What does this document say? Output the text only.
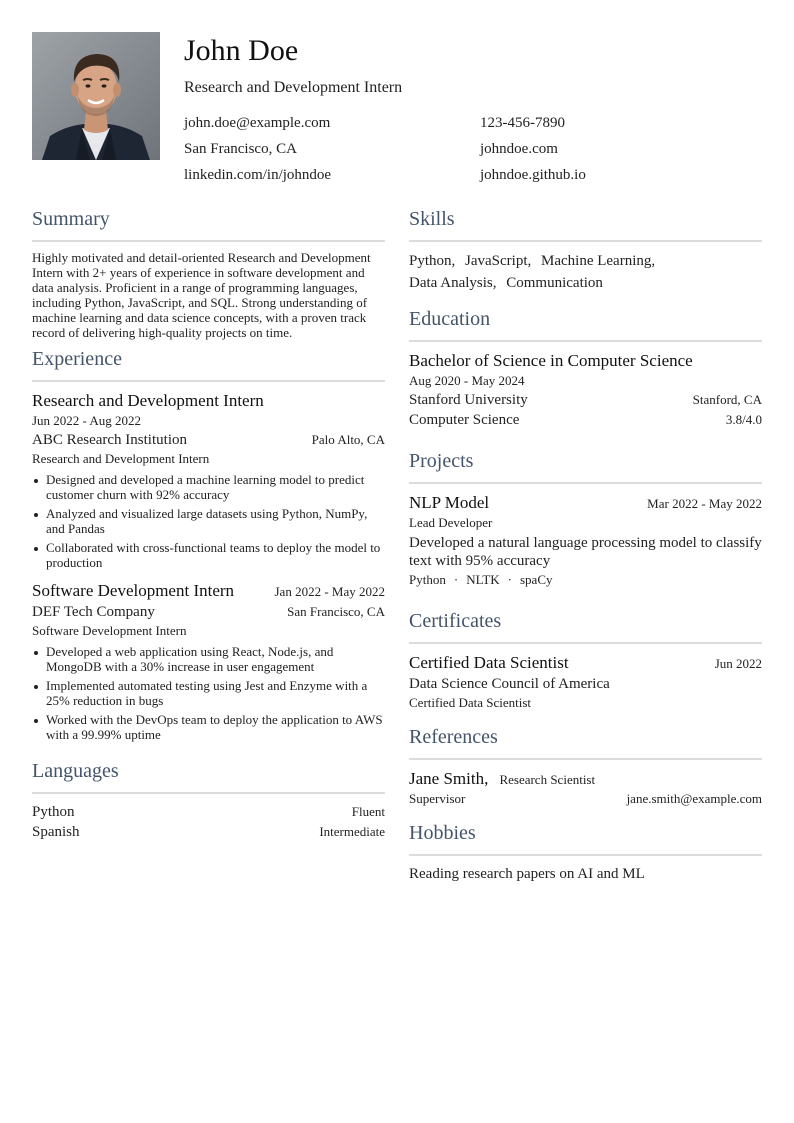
John Doe
Research and Development Intern
john.doe@example.com	123-456-7890
San Francisco, CA	johndoe.com
linkedin.com/in/johndoe	johndoe.github.io
Summary
Highly motivated and detail-oriented Research and Development Intern with 2+ years of experience in software development and data analysis. Proficient in a range of programming languages, including Python, JavaScript, and SQL. Strong understanding of machine learning and data science concepts, with a proven track record of delivering high-quality projects on time.
Experience
Research and Development Intern
Jun 2022 - Aug 2022
ABC Research Institution	Palo Alto, CA
Research and Development Intern
Designed and developed a machine learning model to predict customer churn with 92% accuracy
Analyzed and visualized large datasets using Python, NumPy, and Pandas
Collaborated with cross-functional teams to deploy the model to production
Software Development Intern	Jan 2022 - May 2022
DEF Tech Company	San Francisco, CA
Software Development Intern
Developed a web application using React, Node.js, and MongoDB with a 30% increase in user engagement
Implemented automated testing using Jest and Enzyme with a 25% reduction in bugs
Worked with the DevOps team to deploy the application to AWS with a 99.99% uptime
Languages
Python	Fluent
Spanish	Intermediate
Skills
Python, JavaScript, Machine Learning,
Data Analysis, Communication
Education
Bachelor of Science in Computer Science
Aug 2020 - May 2024
Stanford University	Stanford, CA
Computer Science	3.8/4.0
Projects
NLP Model	Mar 2022 - May 2022
Lead Developer
Developed a natural language processing model to classify text with 95% accuracy
Python · NLTK · spaCy
Certificates
Certified Data Scientist	Jun 2022
Data Science Council of America
Certified Data Scientist
References
Jane Smith, Research Scientist
Supervisor	jane.smith@example.com
Hobbies
Reading research papers on AI and ML
